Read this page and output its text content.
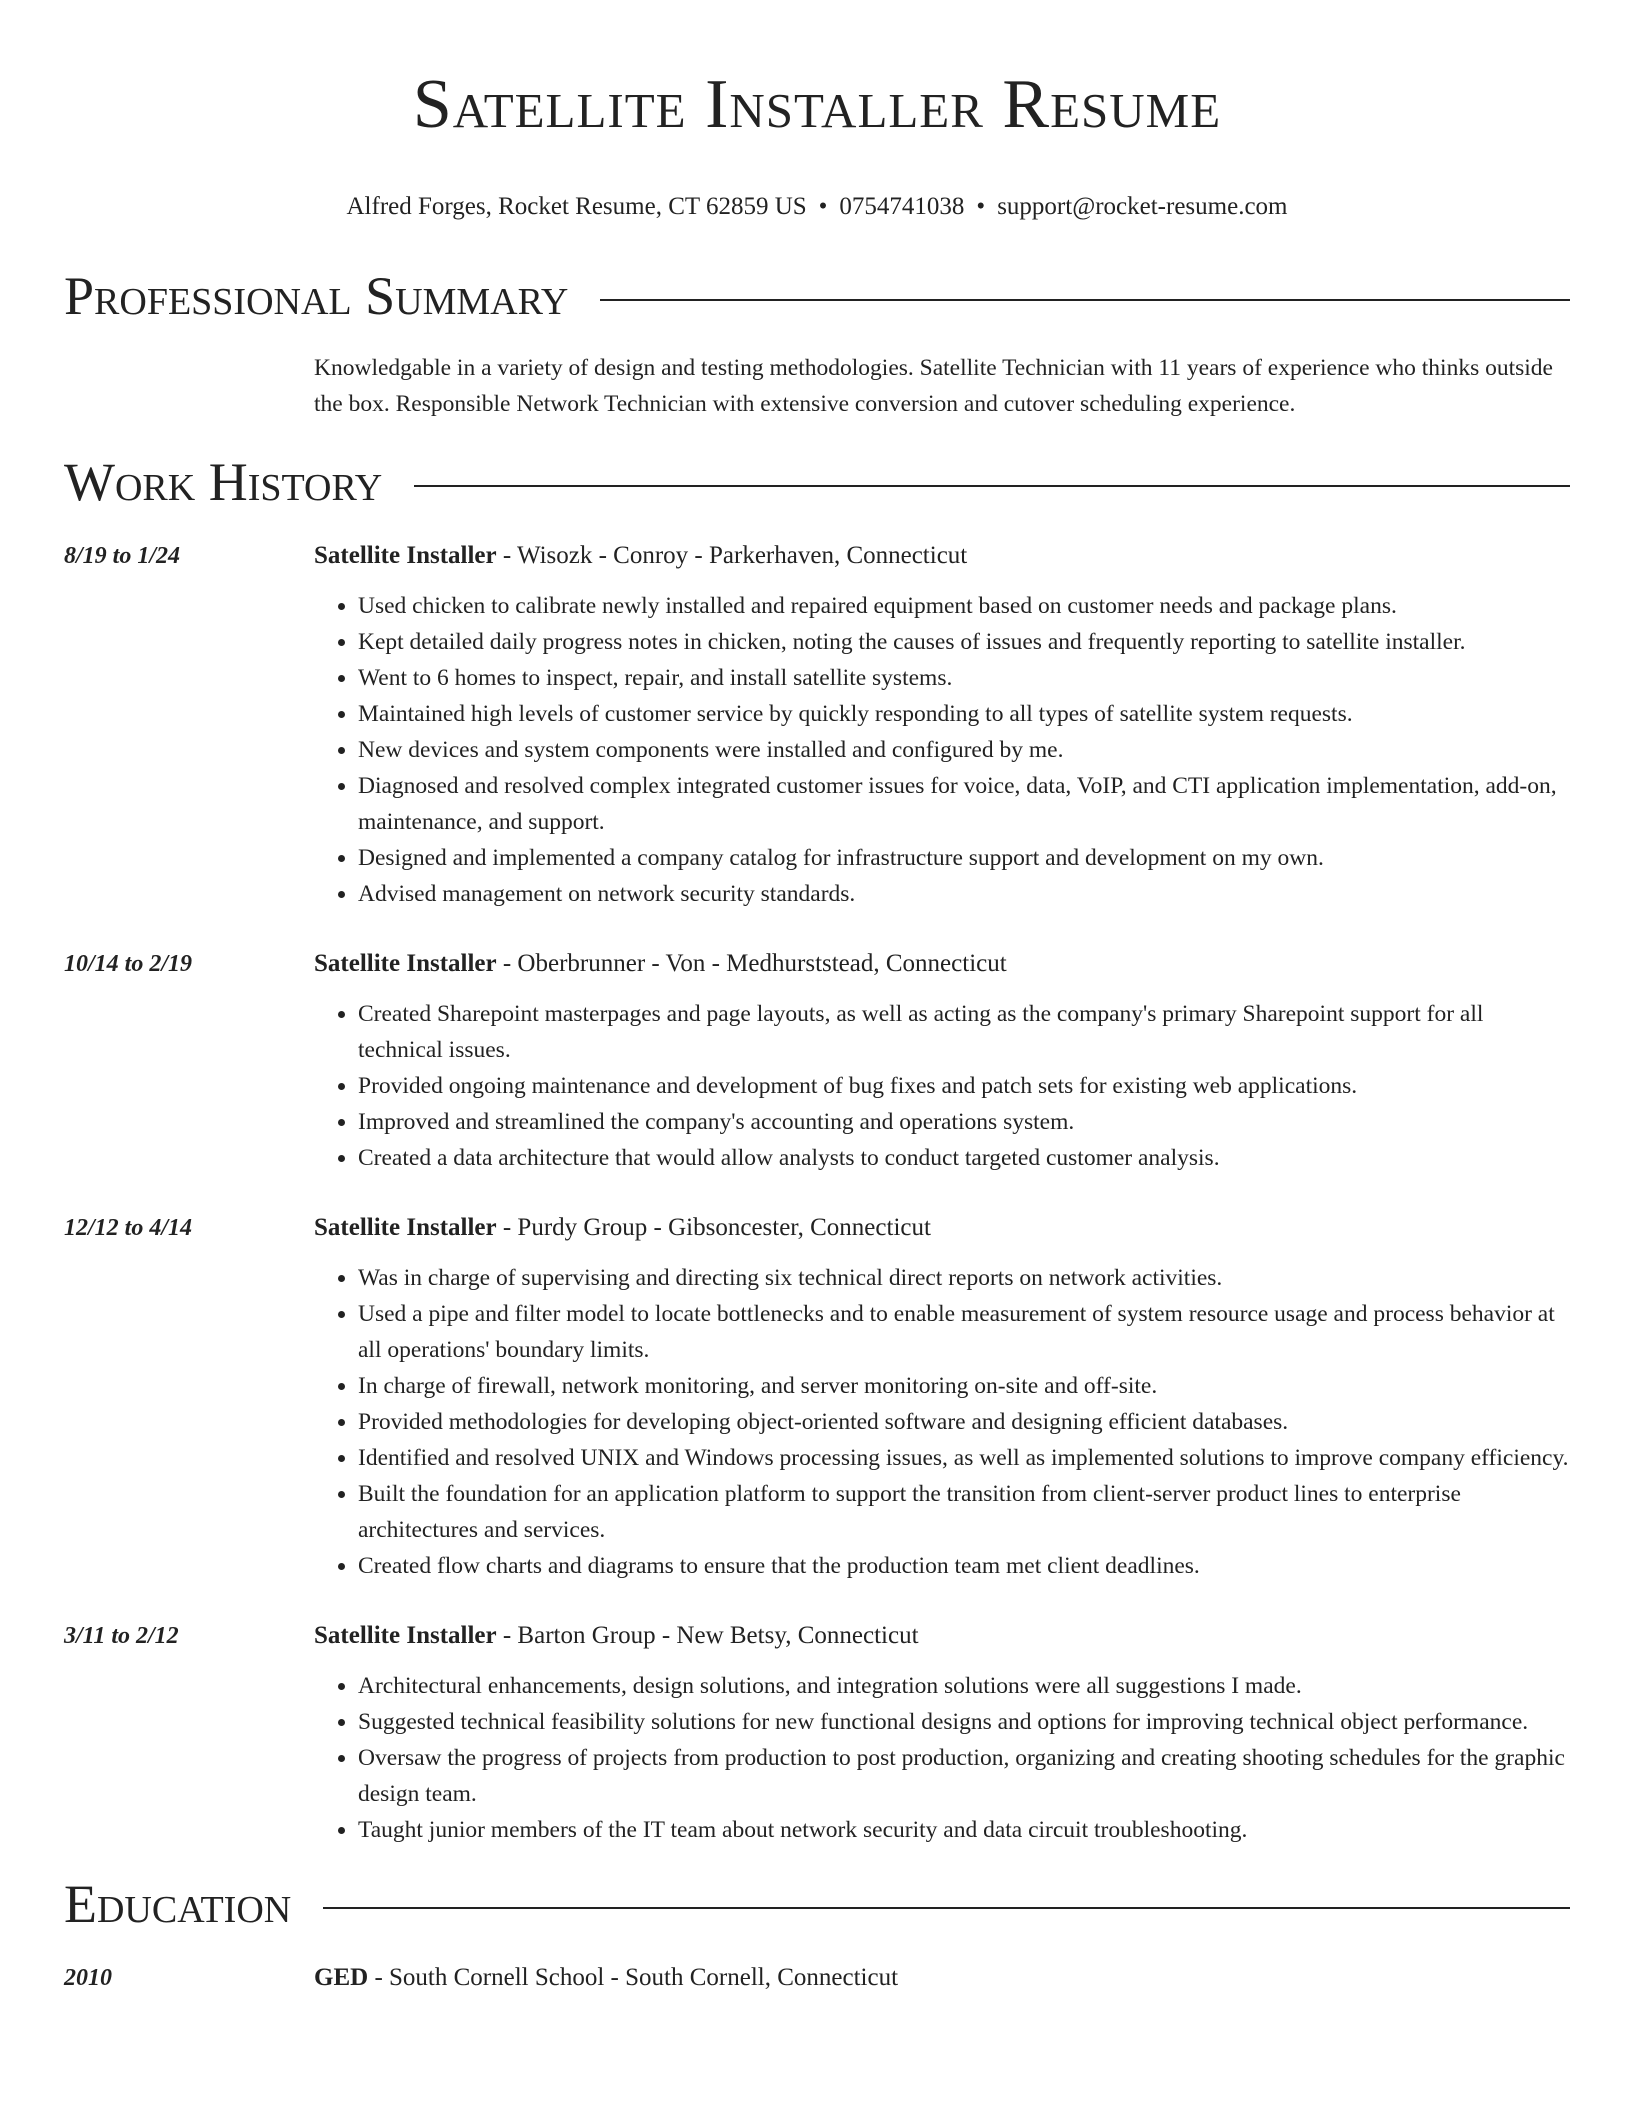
Satellite Installer Resume
Alfred Forges, Rocket Resume, CT 62859 US • 0754741038 • support@rocket-resume.com
Professional Summary
Knowledgable in a variety of design and testing methodologies. Satellite Technician with 11 years of experience who thinks outside the box. Responsible Network Technician with extensive conversion and cutover scheduling experience.
Work History
8/19 to 1/24	Satellite Installer - Wisozk - Conroy - Parkerhaven, Connecticut
• Used chicken to calibrate newly installed and repaired equipment based on customer needs and package plans.
• Kept detailed daily progress notes in chicken, noting the causes of issues and frequently reporting to satellite installer.
• Went to 6 homes to inspect, repair, and install satellite systems.
• Maintained high levels of customer service by quickly responding to all types of satellite system requests.
• New devices and system components were installed and configured by me.
• Diagnosed and resolved complex integrated customer issues for voice, data, VoIP, and CTI application implementation, add-on, maintenance, and support.
• Designed and implemented a company catalog for infrastructure support and development on my own.
• Advised management on network security standards.
10/14 to 2/19	Satellite Installer - Oberbrunner - Von - Medhurststead, Connecticut
• Created Sharepoint masterpages and page layouts, as well as acting as the company's primary Sharepoint support for all technical issues.
• Provided ongoing maintenance and development of bug fixes and patch sets for existing web applications.
• Improved and streamlined the company's accounting and operations system.
• Created a data architecture that would allow analysts to conduct targeted customer analysis.
12/12 to 4/14	Satellite Installer - Purdy Group - Gibsoncester, Connecticut
• Was in charge of supervising and directing six technical direct reports on network activities.
• Used a pipe and filter model to locate bottlenecks and to enable measurement of system resource usage and process behavior at all operations' boundary limits.
• In charge of firewall, network monitoring, and server monitoring on-site and off-site.
• Provided methodologies for developing object-oriented software and designing efficient databases.
• Identified and resolved UNIX and Windows processing issues, as well as implemented solutions to improve company efficiency.
• Built the foundation for an application platform to support the transition from client-server product lines to enterprise architectures and services.
• Created flow charts and diagrams to ensure that the production team met client deadlines.
3/11 to 2/12	Satellite Installer - Barton Group - New Betsy, Connecticut
• Architectural enhancements, design solutions, and integration solutions were all suggestions I made.
• Suggested technical feasibility solutions for new functional designs and options for improving technical object performance.
• Oversaw the progress of projects from production to post production, organizing and creating shooting schedules for the graphic design team.
• Taught junior members of the IT team about network security and data circuit troubleshooting.
Education
2010	GED - South Cornell School - South Cornell, Connecticut
